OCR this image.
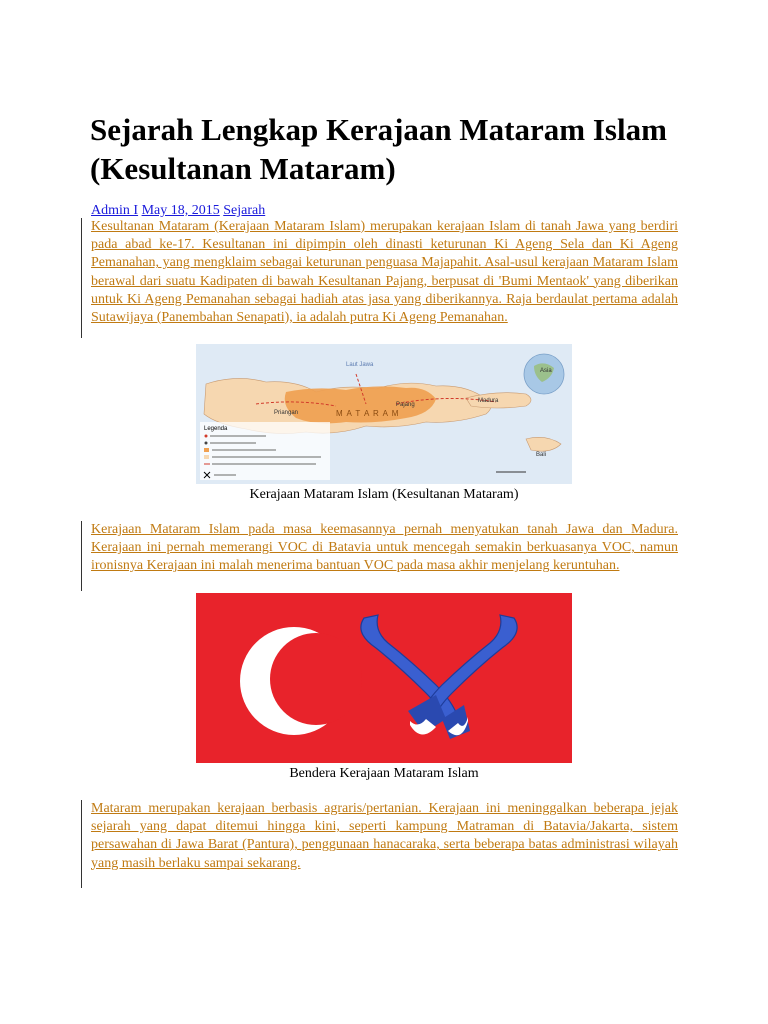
Sejarah Lengkap Kerajaan Mataram Islam (Kesultanan Mataram)
Admin I May 18, 2015 Sejarah

Kesultanan Mataram (Kerajaan Mataram Islam) merupakan kerajaan Islam di tanah Jawa yang berdiri pada abad ke-17. Kesultanan ini dipimpin oleh dinasti keturunan Ki Ageng Sela dan Ki Ageng Pemanahan, yang mengklaim sebagai keturunan penguasa Majapahit. Asal-usul kerajaan Mataram Islam berawal dari suatu Kadipaten di bawah Kesultanan Pajang, berpusat di 'Bumi Mentaok' yang diberikan untuk Ki Ageng Pemanahan sebagai hadiah atas jasa yang diberikannya. Raja berdaulat pertama adalah Sutawijaya (Panembahan Senapati), ia adalah putra Ki Ageng Pemanahan.

Asia
M A T A R A M
Priangan
Pajang
Madura
Bali
Laut Jawa
Legenda
Kerajaan Mataram Islam (Kesultanan Mataram)

Kerajaan Mataram Islam pada masa keemasannya pernah menyatukan tanah Jawa dan Madura. Kerajaan ini pernah memerangi VOC di Batavia untuk mencegah semakin berkuasanya VOC, namun ironisnya Kerajaan ini malah menerima bantuan VOC pada masa akhir menjelang keruntuhan.

Bendera Kerajaan Mataram Islam

Mataram merupakan kerajaan berbasis agraris/pertanian. Kerajaan ini meninggalkan beberapa jejak sejarah yang dapat ditemui hingga kini, seperti kampung Matraman di Batavia/Jakarta, sistem persawahan di Jawa Barat (Pantura), penggunaan hanacaraka, serta beberapa batas administrasi wilayah yang masih berlaku sampai sekarang.
